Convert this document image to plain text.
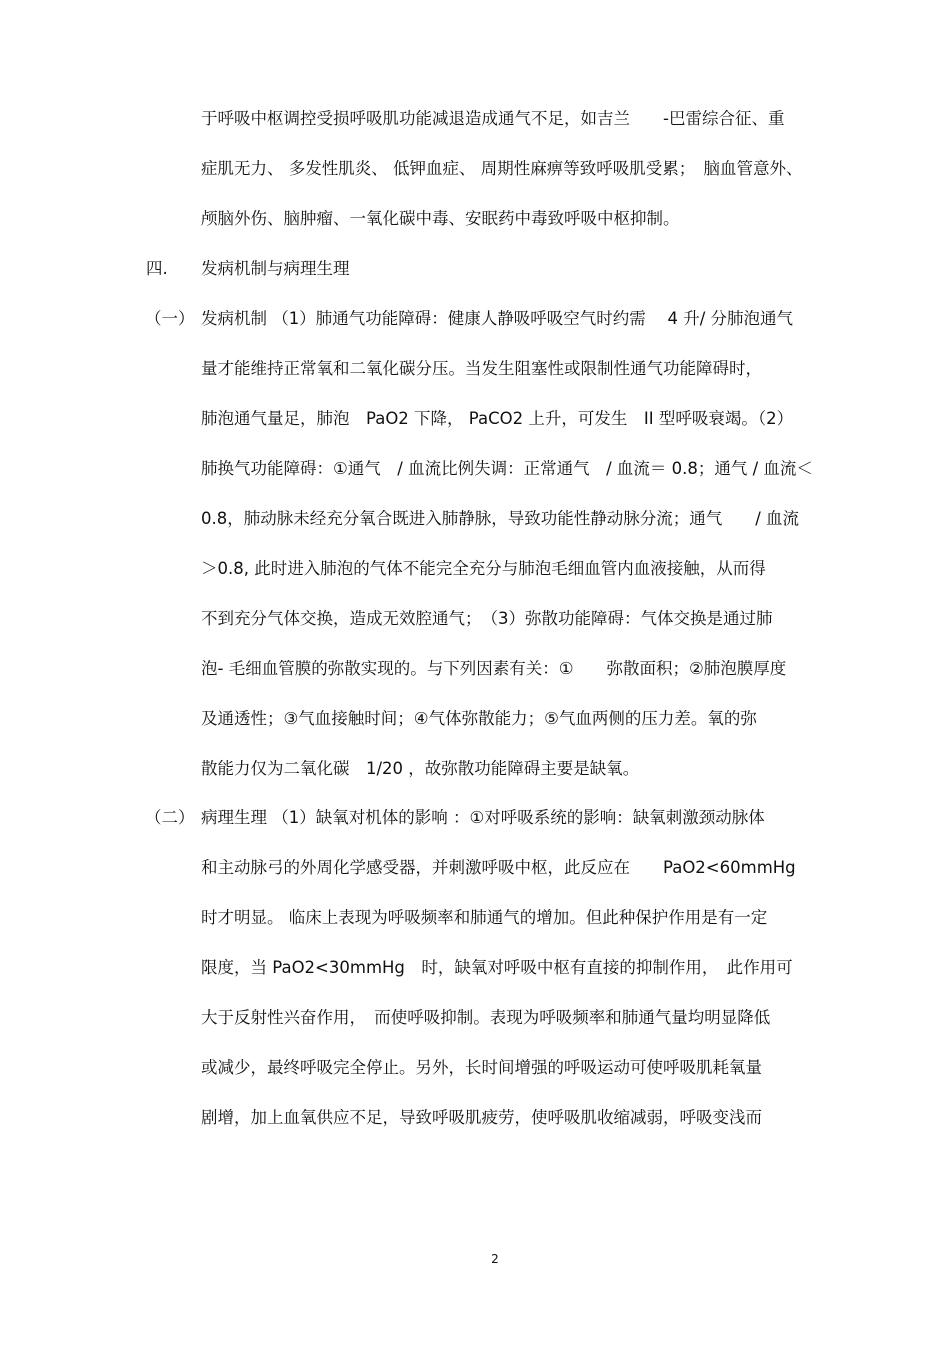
于呼吸中枢调控受损呼吸肌功能减退造成通气不足，如吉兰　　-巴雷综合征、重
症肌无力、 多发性肌炎、 低钾血症、 周期性麻痹等致呼吸肌受累；　脑血管意外、
颅脑外伤、脑肿瘤、一氧化碳中毒、安眠药中毒致呼吸中枢抑制。
四. 发病机制与病理生理
（一） 发病机制 （1）肺通气功能障碍：健康人静吸呼吸空气时约需　 4 升/ 分肺泡通气
量才能维持正常氧和二氧化碳分压。当发生阻塞性或限制性通气功能障碍时，
肺泡通气量足，肺泡　PaO2 下降， PaCO2 上升，可发生　II 型呼吸衰竭。（2）
肺换气功能障碍：①通气　/ 血流比例失调：正常通气　/ 血流＝ 0.8；通气 / 血流＜
0.8，肺动脉未经充分氧合既进入肺静脉，导致功能性静动脉分流；通气　　/ 血流
＞0.8, 此时进入肺泡的气体不能完全充分与肺泡毛细血管内血液接触，从而得
不到充分气体交换，造成无效腔通气；　（3）弥散功能障碍：气体交换是通过肺
泡- 毛细血管膜的弥散实现的。与下列因素有关：①　　弥散面积；②肺泡膜厚度
及通透性；③气血接触时间；④气体弥散能力；⑤气血两侧的压力差。氧的弥
散能力仅为二氧化碳　1/20 ，故弥散功能障碍主要是缺氧。
（二） 病理生理 （1）缺氧对机体的影响 ：①对呼吸系统的影响：缺氧刺激颈动脉体
和主动脉弓的外周化学感受器，并刺激呼吸中枢，此反应在　　PaO2<60mmHg
时才明显。 临床上表现为呼吸频率和肺通气的增加。但此种保护作用是有一定
限度，当 PaO2<30mmHg　时，缺氧对呼吸中枢有直接的抑制作用，　此作用可
大于反射性兴奋作用，　而使呼吸抑制。表现为呼吸频率和肺通气量均明显降低
或减少，最终呼吸完全停止。另外，长时间增强的呼吸运动可使呼吸肌耗氧量
剧增，加上血氧供应不足，导致呼吸肌疲劳，使呼吸肌收缩减弱，呼吸变浅而
2
